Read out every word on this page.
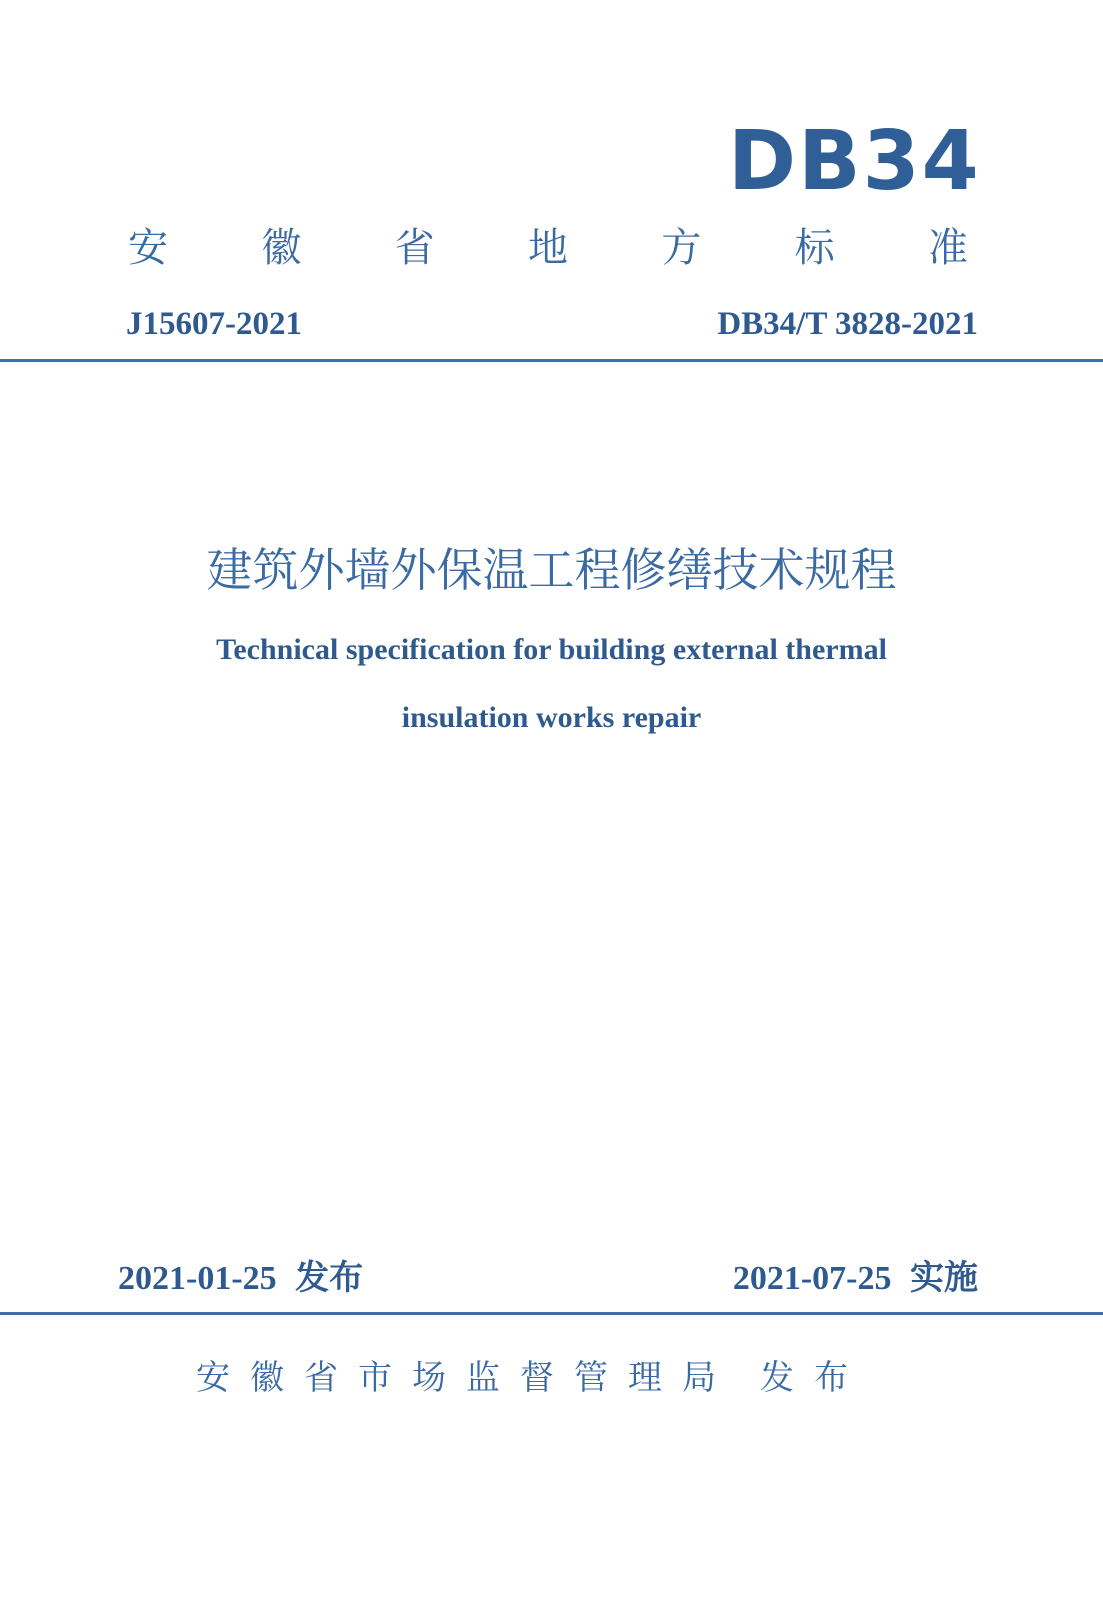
DB34
安 徽 省 地 方 标 准
J15607-2021	DB34/T 3828-2021
建筑外墙外保温工程修缮技术规程
Technical specification for building external thermal
insulation works repair
2021-01-25 发布	2021-07-25 实施
安徽省市场监督管理局 发布
